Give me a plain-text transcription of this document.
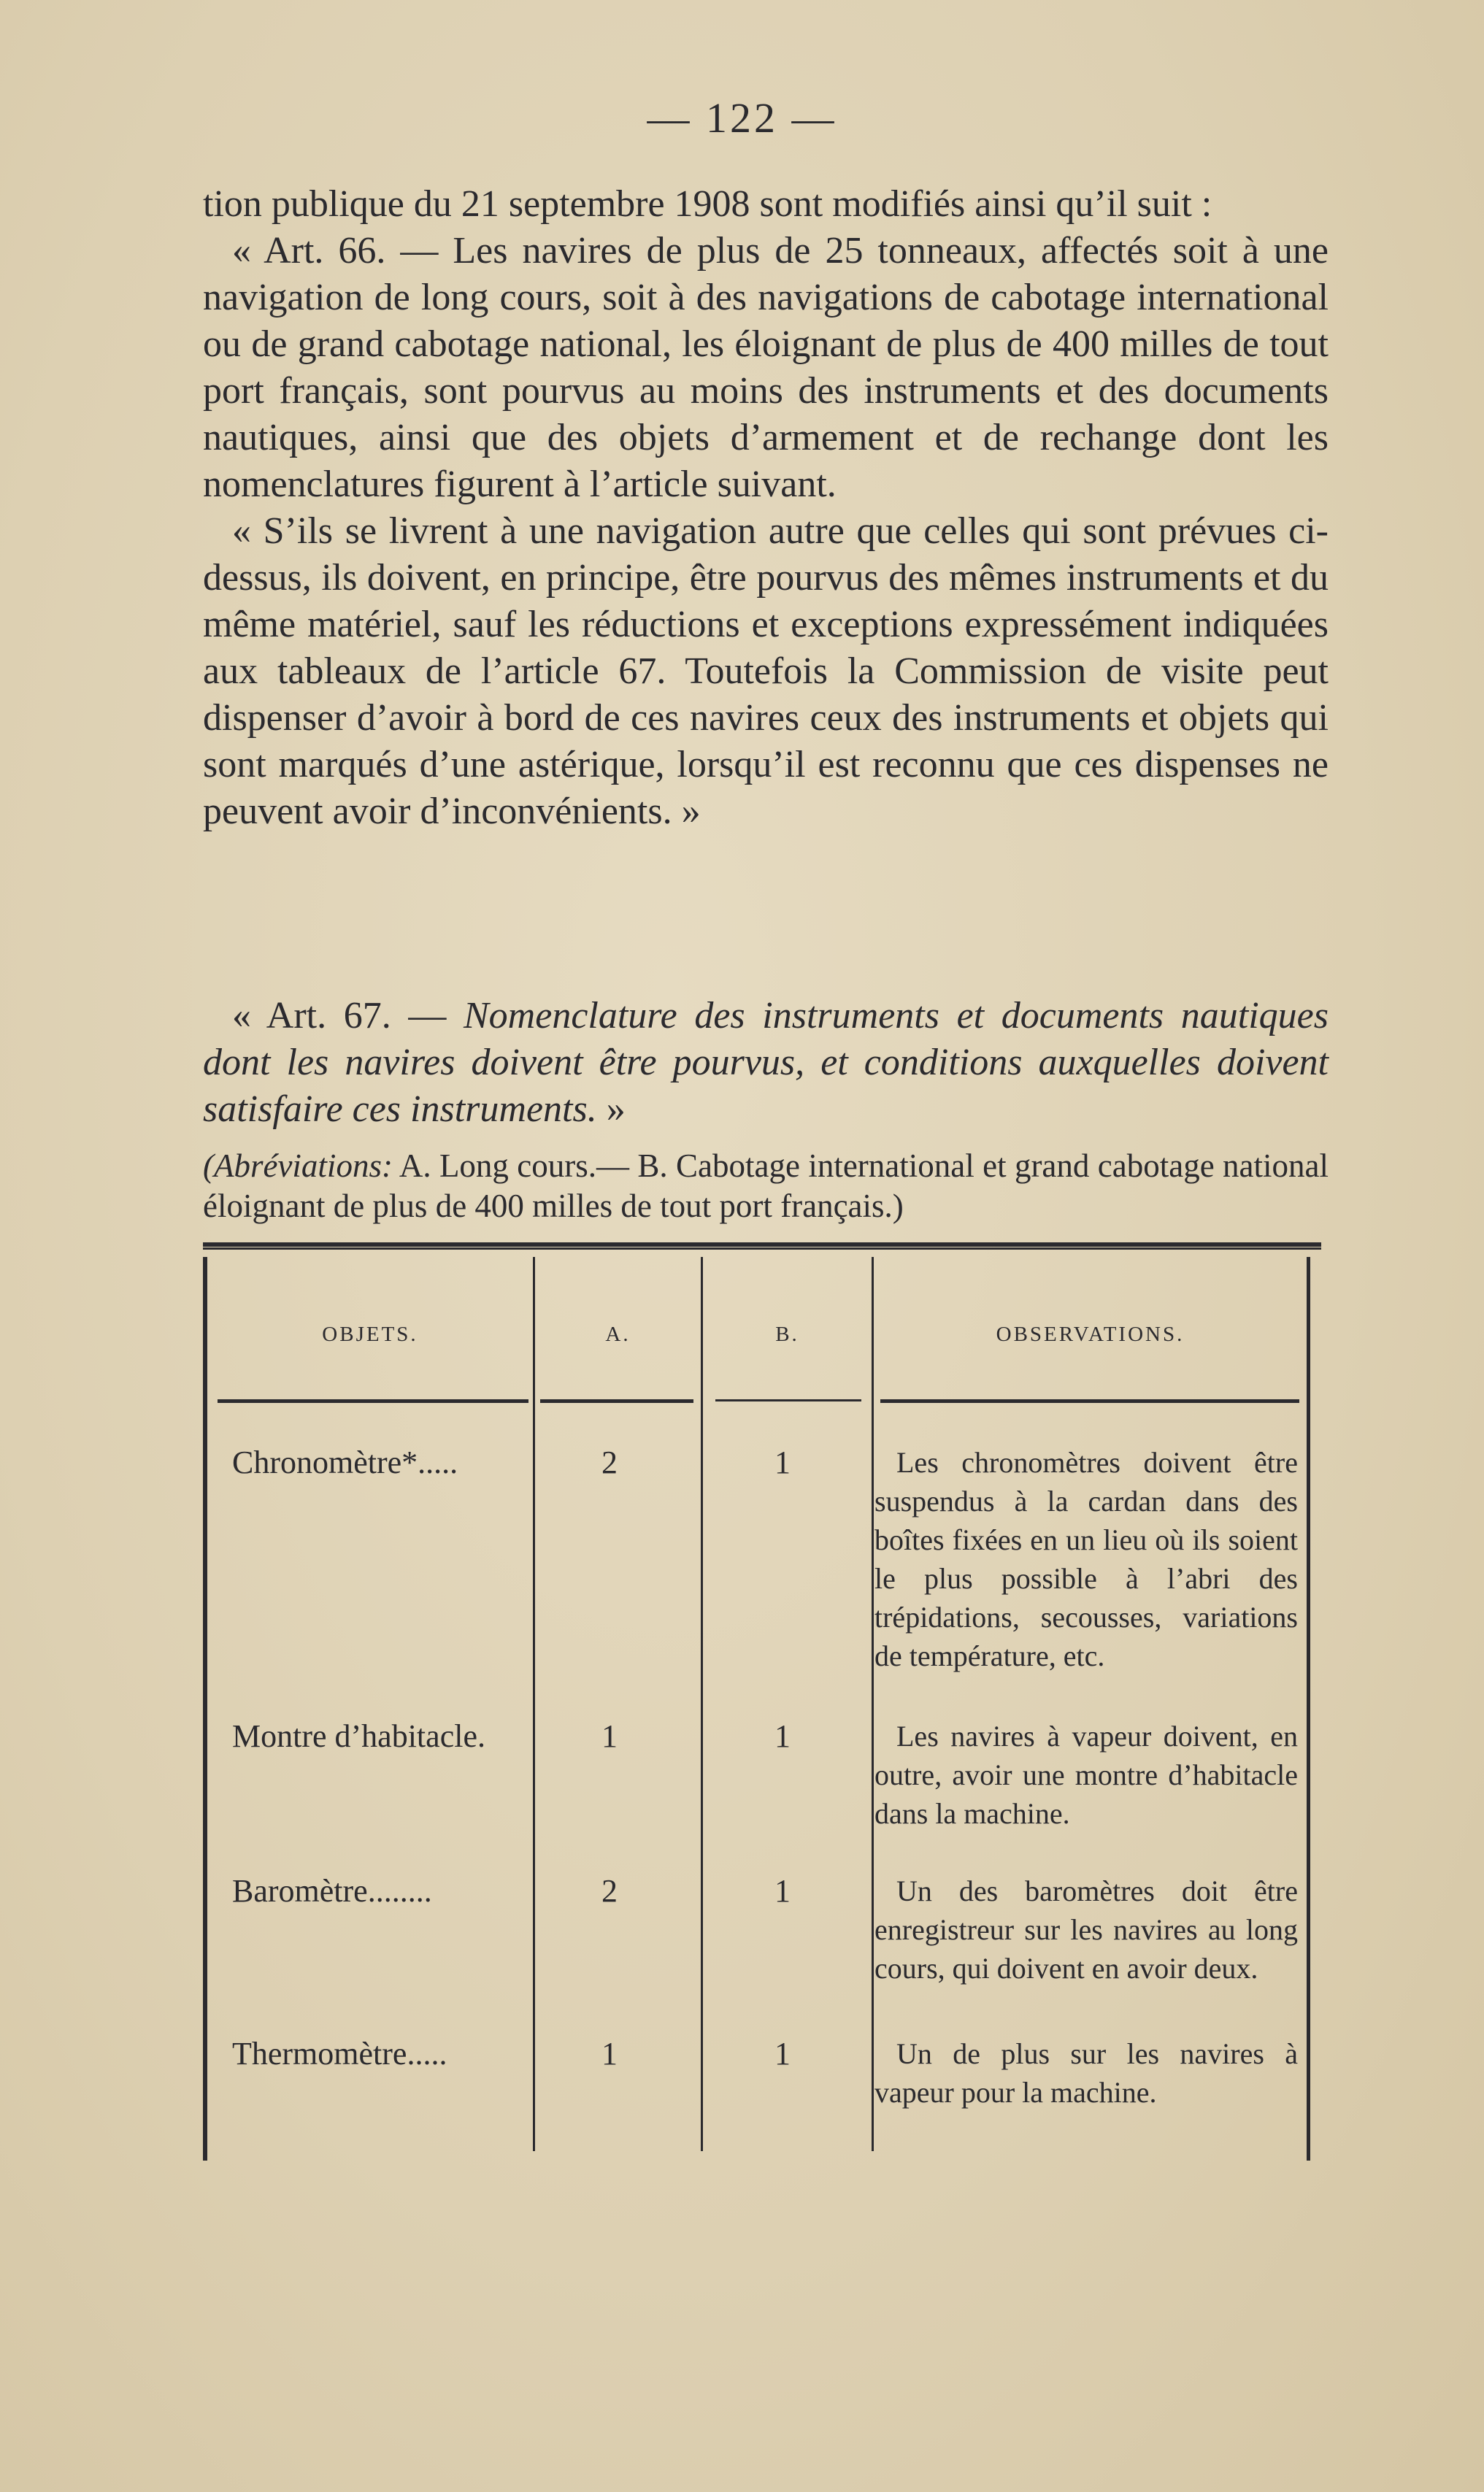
— 122 —

tion publique du 21 septembre 1908 sont modifiés ainsi qu’il suit :

« Art. 66. — Les navires de plus de 25 tonneaux, affectés soit à une navigation de long cours, soit à des navigations de cabotage international ou de grand cabotage national, les éloignant de plus de 400 milles de tout port français, sont pourvus au moins des instruments et des documents nautiques, ainsi que des objets d’armement et de rechange dont les nomenclatures figurent à l’article suivant.

« S’ils se livrent à une navigation autre que celles qui sont prévues ci-dessus, ils doivent, en principe, être pourvus des mêmes instruments et du même matériel, sauf les réductions et exceptions expressément indiquées aux tableaux de l’article 67. Toutefois la Commission de visite peut dispenser d’avoir à bord de ces navires ceux des instruments et objets qui sont marqués d’une astérique, lorsqu’il est reconnu que ces dispenses ne peuvent avoir d’inconvénients. »

« Art. 67. — Nomenclature des instruments et documents nautiques dont les navires doivent être pourvus, et conditions auxquelles doivent satisfaire ces instruments. »

(Abréviations: A. Long cours.— B. Cabotage international et grand cabotage national éloignant de plus de 400 milles de tout port français.)
OBJETS.	A.	B.	OBSERVATIONS.
Chronomètre*.....	2	1	Les chronomètres doivent être suspendus à la cardan dans des boîtes fixées en un lieu où ils soient le plus possible à l’abri des trépidations, secousses, variations de température, etc.
Montre d’habitacle.	1	1	Les navires à vapeur doivent, en outre, avoir une montre d’habitacle dans la machine.
Baromètre........	2	1	Un des baromètres doit être enregistreur sur les navires au long cours, qui doivent en avoir deux.
Thermomètre.....	1	1	Un de plus sur les navires à vapeur pour la machine.
